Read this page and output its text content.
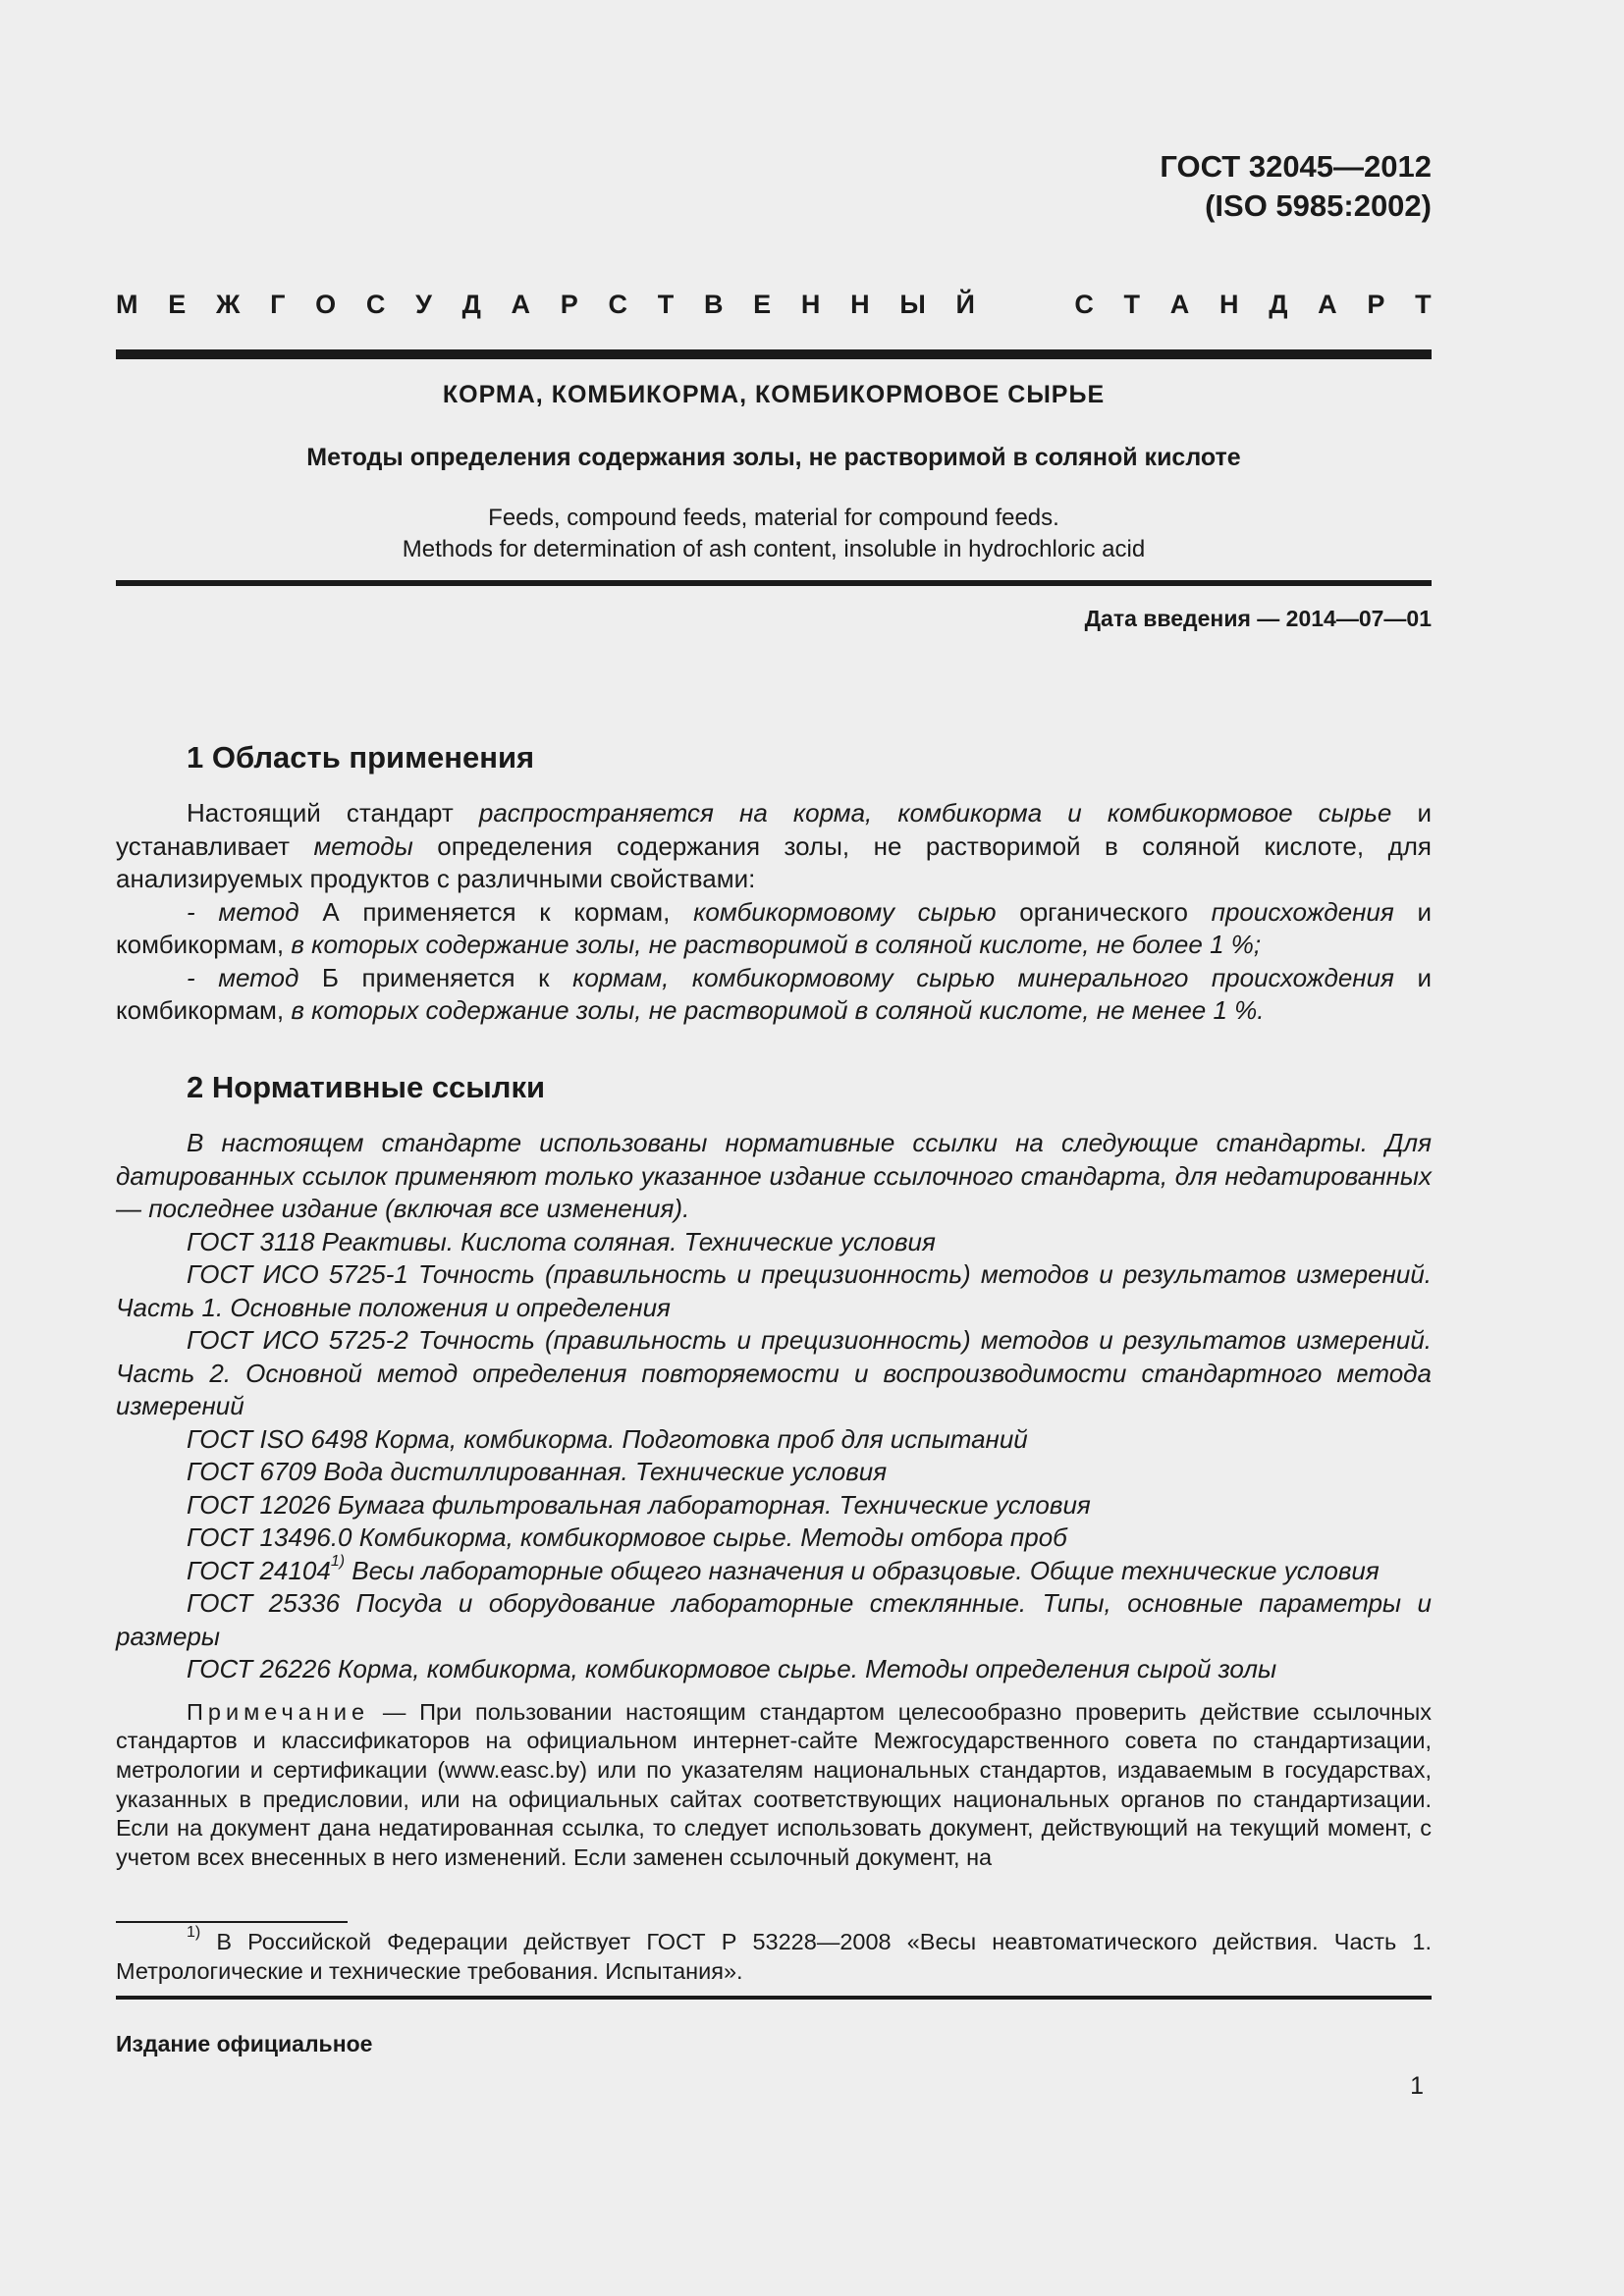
ГОСТ 32045—2012
(ISO 5985:2002)
М Е Ж Г О С У Д А Р С Т В Е Н Н Ы Й	С Т А Н Д А Р Т
КОРМА, КОМБИКОРМА, КОМБИКОРМОВОЕ СЫРЬЕ
Методы определения содержания золы, не растворимой в соляной кислоте
Feeds, compound feeds, material for compound feeds.
Methods for determination of ash content, insoluble in hydrochloric acid
Дата введения — 2014—07—01
1 Область применения

Настоящий стандарт распространяется на корма, комбикорма и комбикормовое сырье и устанавливает методы определения содержания золы, не растворимой в соляной кислоте, для анализируемых продуктов с различными свойствами:

- метод А применяется к кормам, комбикормовому сырью органического происхождения и комбикормам, в которых содержание золы, не растворимой в соляной кислоте, не более 1 %;

- метод Б применяется к кормам, комбикормовому сырью минерального происхождения и комбикормам, в которых содержание золы, не растворимой в соляной кислоте, не менее 1 %.

2 Нормативные ссылки

В настоящем стандарте использованы нормативные ссылки на следующие стандарты. Для датированных ссылок применяют только указанное издание ссылочного стандарта, для недатированных — последнее издание (включая все изменения).

ГОСТ 3118 Реактивы. Кислота соляная. Технические условия

ГОСТ ИСО 5725-1 Точность (правильность и прецизионность) методов и результатов измерений. Часть 1. Основные положения и определения

ГОСТ ИСО 5725-2 Точность (правильность и прецизионность) методов и результатов измерений. Часть 2. Основной метод определения повторяемости и воспроизводимости стандартного метода измерений

ГОСТ ISO 6498 Корма, комбикорма. Подготовка проб для испытаний

ГОСТ 6709 Вода дистиллированная. Технические условия

ГОСТ 12026 Бумага фильтровальная лабораторная. Технические условия

ГОСТ 13496.0 Комбикорма, комбикормовое сырье. Методы отбора проб

ГОСТ 24104$^{1)}$ Весы лабораторные общего назначения и образцовые. Общие технические условия

ГОСТ 25336 Посуда и оборудование лабораторные стеклянные. Типы, основные параметры и размеры

ГОСТ 26226 Корма, комбикорма, комбикормовое сырье. Методы определения сырой золы

Примечание — При пользовании настоящим стандартом целесообразно проверить действие ссылочных стандартов и классификаторов на официальном интернет-сайте Межгосударственного совета по стандартизации, метрологии и сертификации (www.easc.by) или по указателям национальных стандартов, издаваемым в государствах, указанных в предисловии, или на официальных сайтах соответствующих национальных органов по стандартизации. Если на документ дана недатированная ссылка, то следует использовать документ, действующий на текущий момент, с учетом всех внесенных в него изменений. Если заменен ссылочный документ, на

$^{1)}$ В Российской Федерации действует ГОСТ Р 53228—2008 «Весы неавтоматического действия. Часть 1. Метрологические и технические требования. Испытания».

Издание официальное
1
